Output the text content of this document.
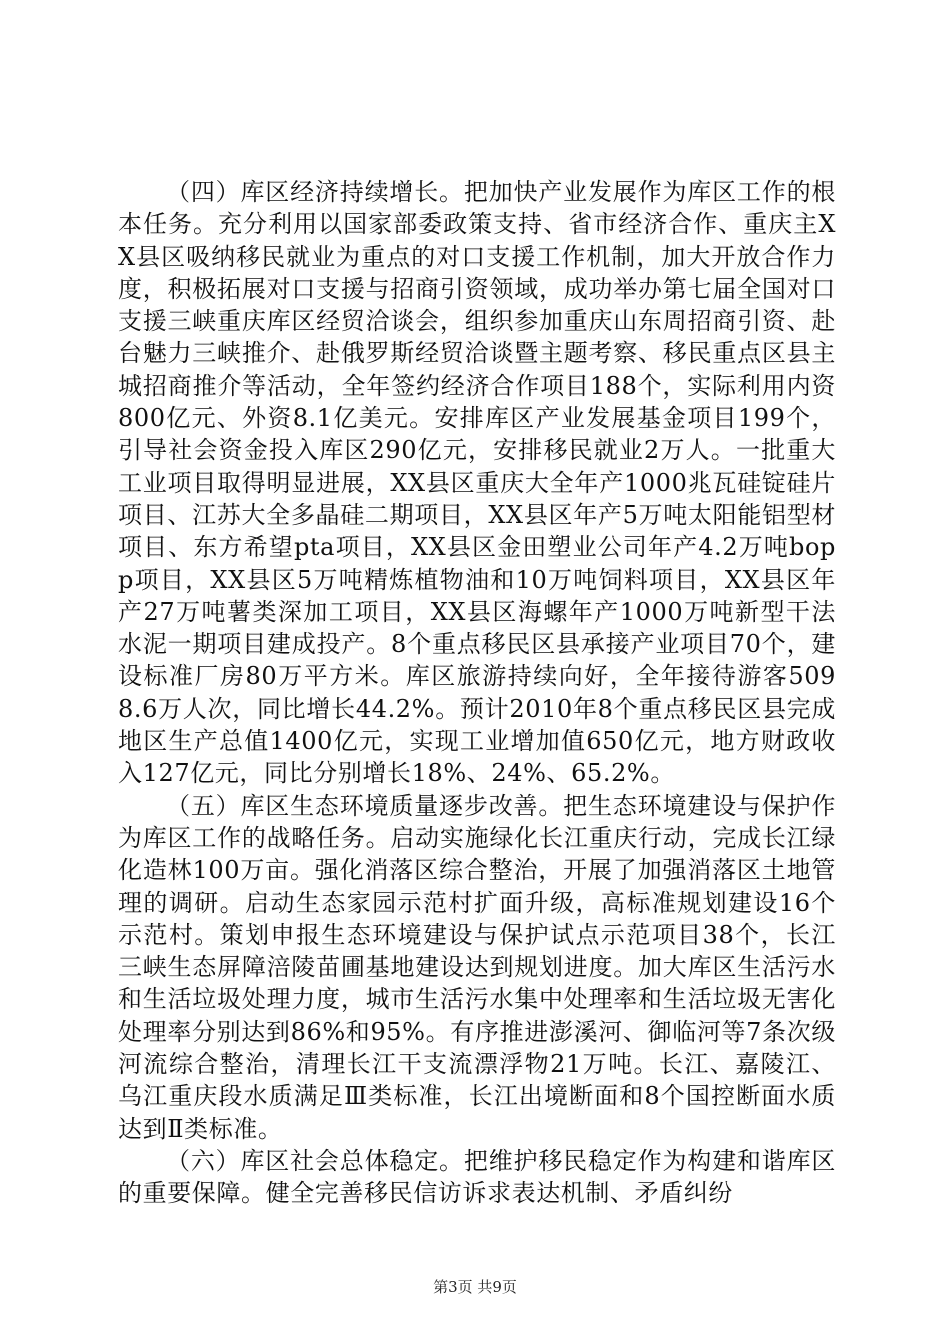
（四）库区经济持续增长。把加快产业发展作为库区工作的根本任务。充分利用以国家部委政策支持、省市经济合作、重庆主XX县区吸纳移民就业为重点的对口支援工作机制，加大开放合作力度，积极拓展对口支援与招商引资领域，成功举办第七届全国对口支援三峡重庆库区经贸洽谈会，组织参加重庆山东周招商引资、赴台魅力三峡推介、赴俄罗斯经贸洽谈暨主题考察、移民重点区县主城招商推介等活动，全年签约经济合作项目188个，实际利用内资800亿元、外资8.1亿美元。安排库区产业发展基金项目199个，引导社会资金投入库区290亿元，安排移民就业2万人。一批重大工业项目取得明显进展，XX县区重庆大全年产1000兆瓦硅锭硅片项目、江苏大全多晶硅二期项目，XX县区年产5万吨太阳能铝型材项目、东方希望pta项目，XX县区金田塑业公司年产4.2万吨bopp项目，XX县区5万吨精炼植物油和10万吨饲料项目，XX县区年产27万吨薯类深加工项目，XX县区海螺年产1000万吨新型干法水泥一期项目建成投产。8个重点移民区县承接产业项目70个，建设标准厂房80万平方米。库区旅游持续向好，全年接待游客5098.6万人次，同比增长44.2%。预计2010年8个重点移民区县完成地区生产总值1400亿元，实现工业增加值650亿元，地方财政收入127亿元，同比分别增长18%、24%、65.2%。

（五）库区生态环境质量逐步改善。把生态环境建设与保护作为库区工作的战略任务。启动实施绿化长江重庆行动，完成长江绿化造林100万亩。强化消落区综合整治，开展了加强消落区土地管理的调研。启动生态家园示范村扩面升级，高标准规划建设16个示范村。策划申报生态环境建设与保护试点示范项目38个，长江三峡生态屏障涪陵苗圃基地建设达到规划进度。加大库区生活污水和生活垃圾处理力度，城市生活污水集中处理率和生活垃圾无害化处理率分别达到86%和95%。有序推进澎溪河、御临河等7条次级河流综合整治，清理长江干支流漂浮物21万吨。长江、嘉陵江、乌江重庆段水质满足Ⅲ类标准，长江出境断面和8个国控断面水质达到Ⅱ类标准。

（六）库区社会总体稳定。把维护移民稳定作为构建和谐库区的重要保障。健全完善移民信访诉求表达机制、矛盾纠纷

第3页 共9页
